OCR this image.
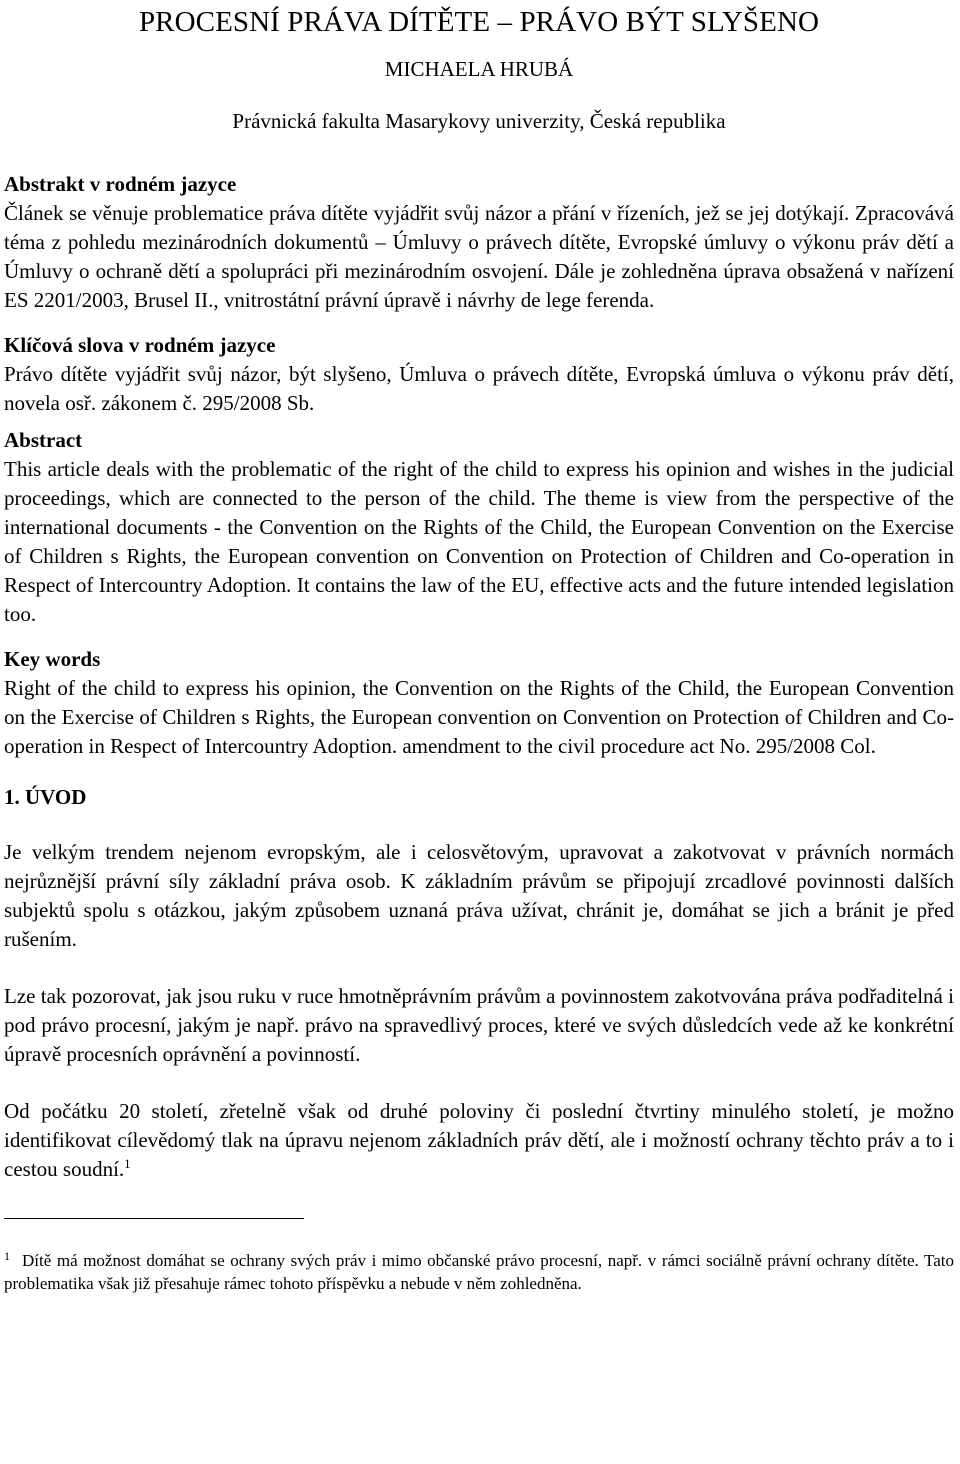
PROCESNÍ PRÁVA DÍTĚTE – PRÁVO BÝT SLYŠENO

MICHAELA HRUBÁ

Právnická fakulta Masarykovy univerzity, Česká republika

Abstrakt v rodném jazyce

Článek se věnuje problematice práva dítěte vyjádřit svůj názor a přání v řízeních, jež se jej dotýkají. Zpracovává téma z pohledu mezinárodních dokumentů – Úmluvy o právech dítěte, Evropské úmluvy o výkonu práv dětí a Úmluvy o ochraně dětí a spolupráci při mezinárodním osvojení. Dále je zohledněna úprava obsažená v nařízení ES 2201/2003, Brusel II., vnitrostátní právní úpravě i návrhy de lege ferenda.

Klíčová slova v rodném jazyce

Právo dítěte vyjádřit svůj názor, být slyšeno, Úmluva o právech dítěte, Evropská úmluva o výkonu práv dětí, novela osř. zákonem č. 295/2008 Sb.

Abstract

This article deals with the problematic of the right of the child to express his opinion and wishes in the judicial proceedings, which are connected to the person of the child. The theme is view from the perspective of the international documents - the Convention on the Rights of the Child, the European Convention on the Exercise of Children s Rights, the European convention on Convention on Protection of Children and Co-operation in Respect of Intercountry Adoption. It contains the law of the EU, effective acts and the future intended legislation too.

Key words

Right of the child to express his opinion, the Convention on the Rights of the Child, the European Convention on the Exercise of Children s Rights, the European convention on Convention on Protection of Children and Co-operation in Respect of Intercountry Adoption. amendment to the civil procedure act No. 295/2008 Col.

1. ÚVOD

Je velkým trendem nejenom evropským, ale i celosvětovým, upravovat a zakotvovat v právních normách nejrůznější právní síly základní práva osob. K základním právům se připojují zrcadlové povinnosti dalších subjektů spolu s otázkou, jakým způsobem uznaná práva užívat, chránit je, domáhat se jich a bránit je před rušením.

Lze tak pozorovat, jak jsou ruku v ruce hmotněprávním právům a povinnostem zakotvována práva podřaditelná i pod právo procesní, jakým je např. právo na spravedlivý proces, které ve svých důsledcích vede až ke konkrétní úpravě procesních oprávnění a povinností.

Od počátku 20 století, zřetelně však od druhé poloviny či poslední čtvrtiny minulého století, je možno identifikovat cílevědomý tlak na úpravu nejenom základních práv dětí, ale i možností ochrany těchto práv a to i cestou soudní.$^1$

$^1$ Dítě má možnost domáhat se ochrany svých práv i mimo občanské právo procesní, např. v rámci sociálně právní ochrany dítěte. Tato problematika však již přesahuje rámec tohoto příspěvku a nebude v něm zohledněna.
